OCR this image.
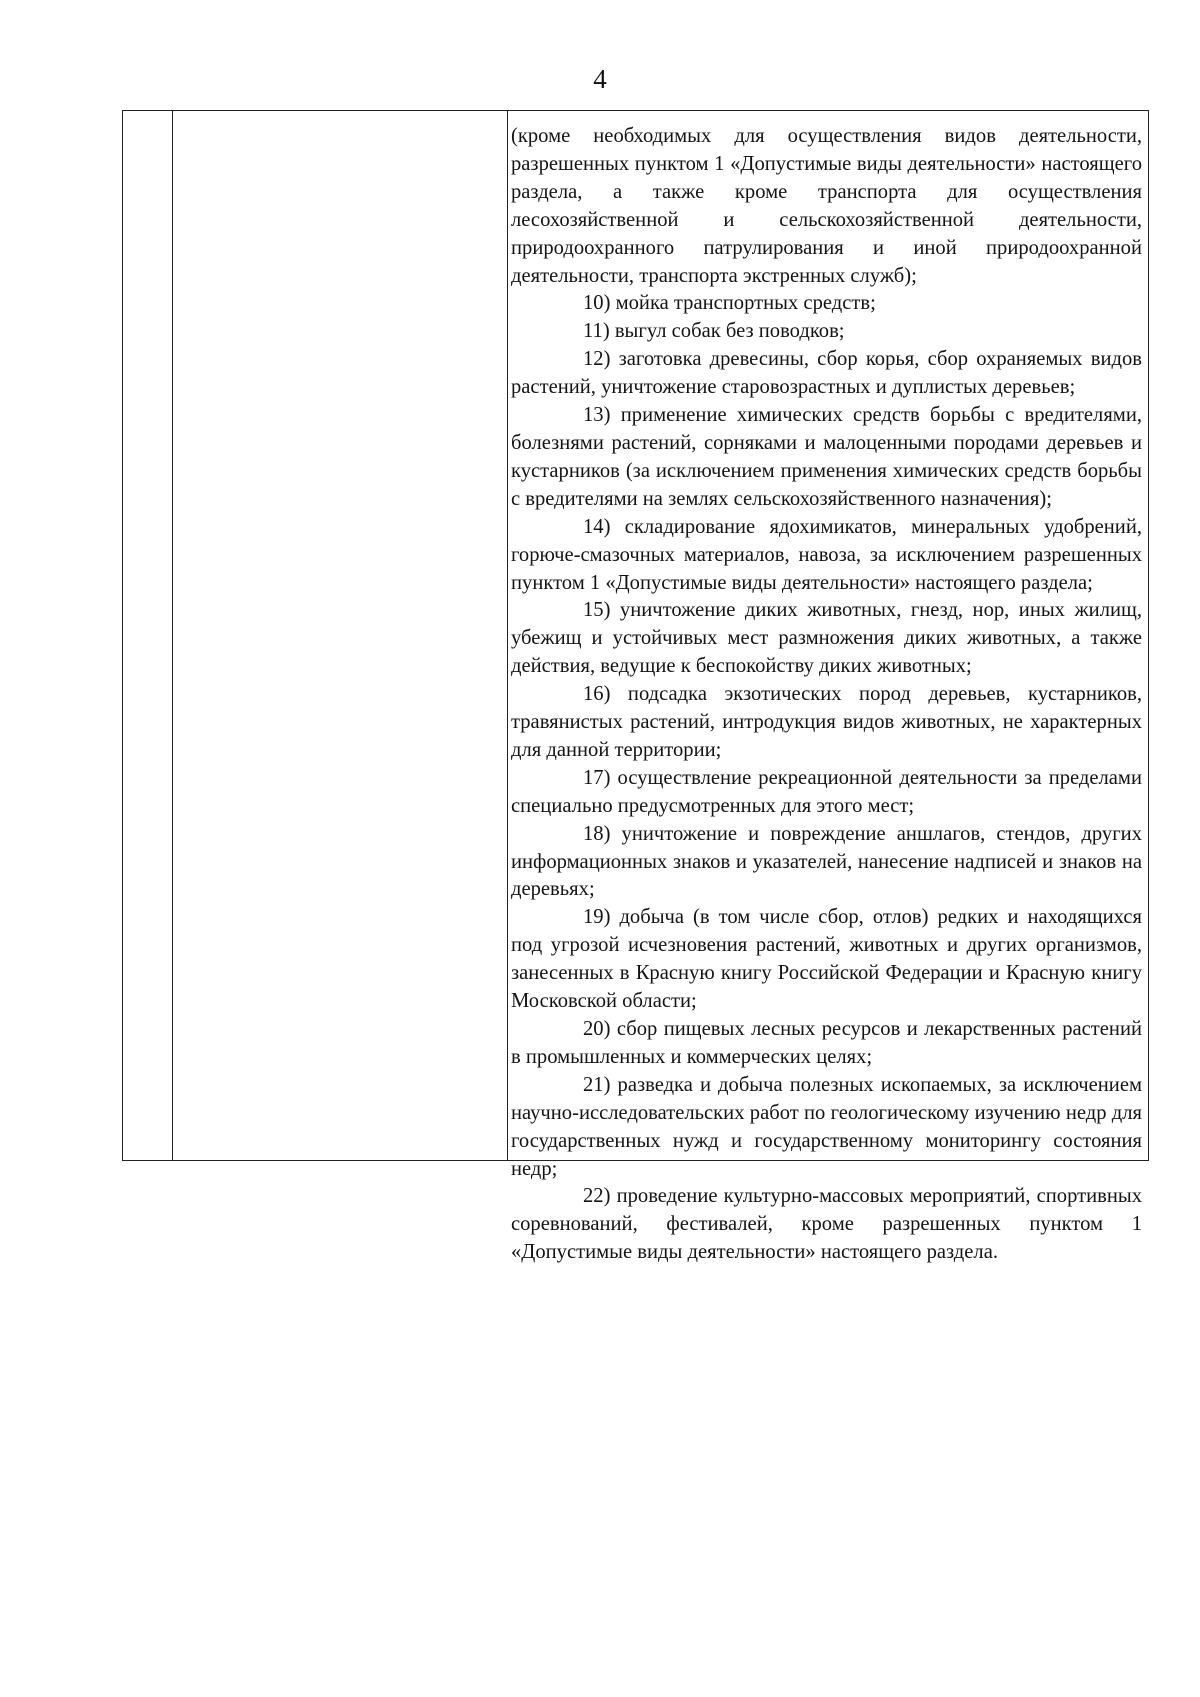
4

(кроме необходимых для осуществления видов деятельности, разрешенных пунктом 1 «Допустимые виды деятельности» настоящего раздела, а также кроме транспорта для осуществления лесохозяйственной и сельскохозяйственной деятельности, природоохранного патрулирования и иной природоохранной деятельности, транспорта экстренных служб);

10) мойка транспортных средств;

11) выгул собак без поводков;

12) заготовка древесины, сбор корья, сбор охраняемых видов растений, уничтожение старовозрастных и дуплистых деревьев;

13) применение химических средств борьбы с вредителями, болезнями растений, сорняками и малоценными породами деревьев и кустарников (за исключением применения химических средств борьбы с вредителями на землях сельскохозяйственного назначения);

14) складирование ядохимикатов, минеральных удобрений, горюче-смазочных материалов, навоза, за исключением разрешенных пунктом 1 «Допустимые виды деятельности» настоящего раздела;

15) уничтожение диких животных, гнезд, нор, иных жилищ, убежищ и устойчивых мест размножения диких животных, а также действия, ведущие к беспокойству диких животных;

16) подсадка экзотических пород деревьев, кустарников, травянистых растений, интродукция видов животных, не характерных для данной территории;

17) осуществление рекреационной деятельности за пределами специально предусмотренных для этого мест;

18) уничтожение и повреждение аншлагов, стендов, других информационных знаков и указателей, нанесение надписей и знаков на деревьях;

19) добыча (в том числе сбор, отлов) редких и находящихся под угрозой исчезновения растений, животных и других организмов, занесенных в Красную книгу Российской Федерации и Красную книгу Московской области;

20) сбор пищевых лесных ресурсов и лекарственных растений в промышленных и коммерческих целях;

21) разведка и добыча полезных ископаемых, за исключением научно-исследовательских работ по геологическому изучению недр для государственных нужд и государственному мониторингу состояния недр;

22) проведение культурно-массовых мероприятий, спортивных соревнований, фестивалей, кроме разрешенных пунктом 1 «Допустимые виды деятельности» настоящего раздела.
